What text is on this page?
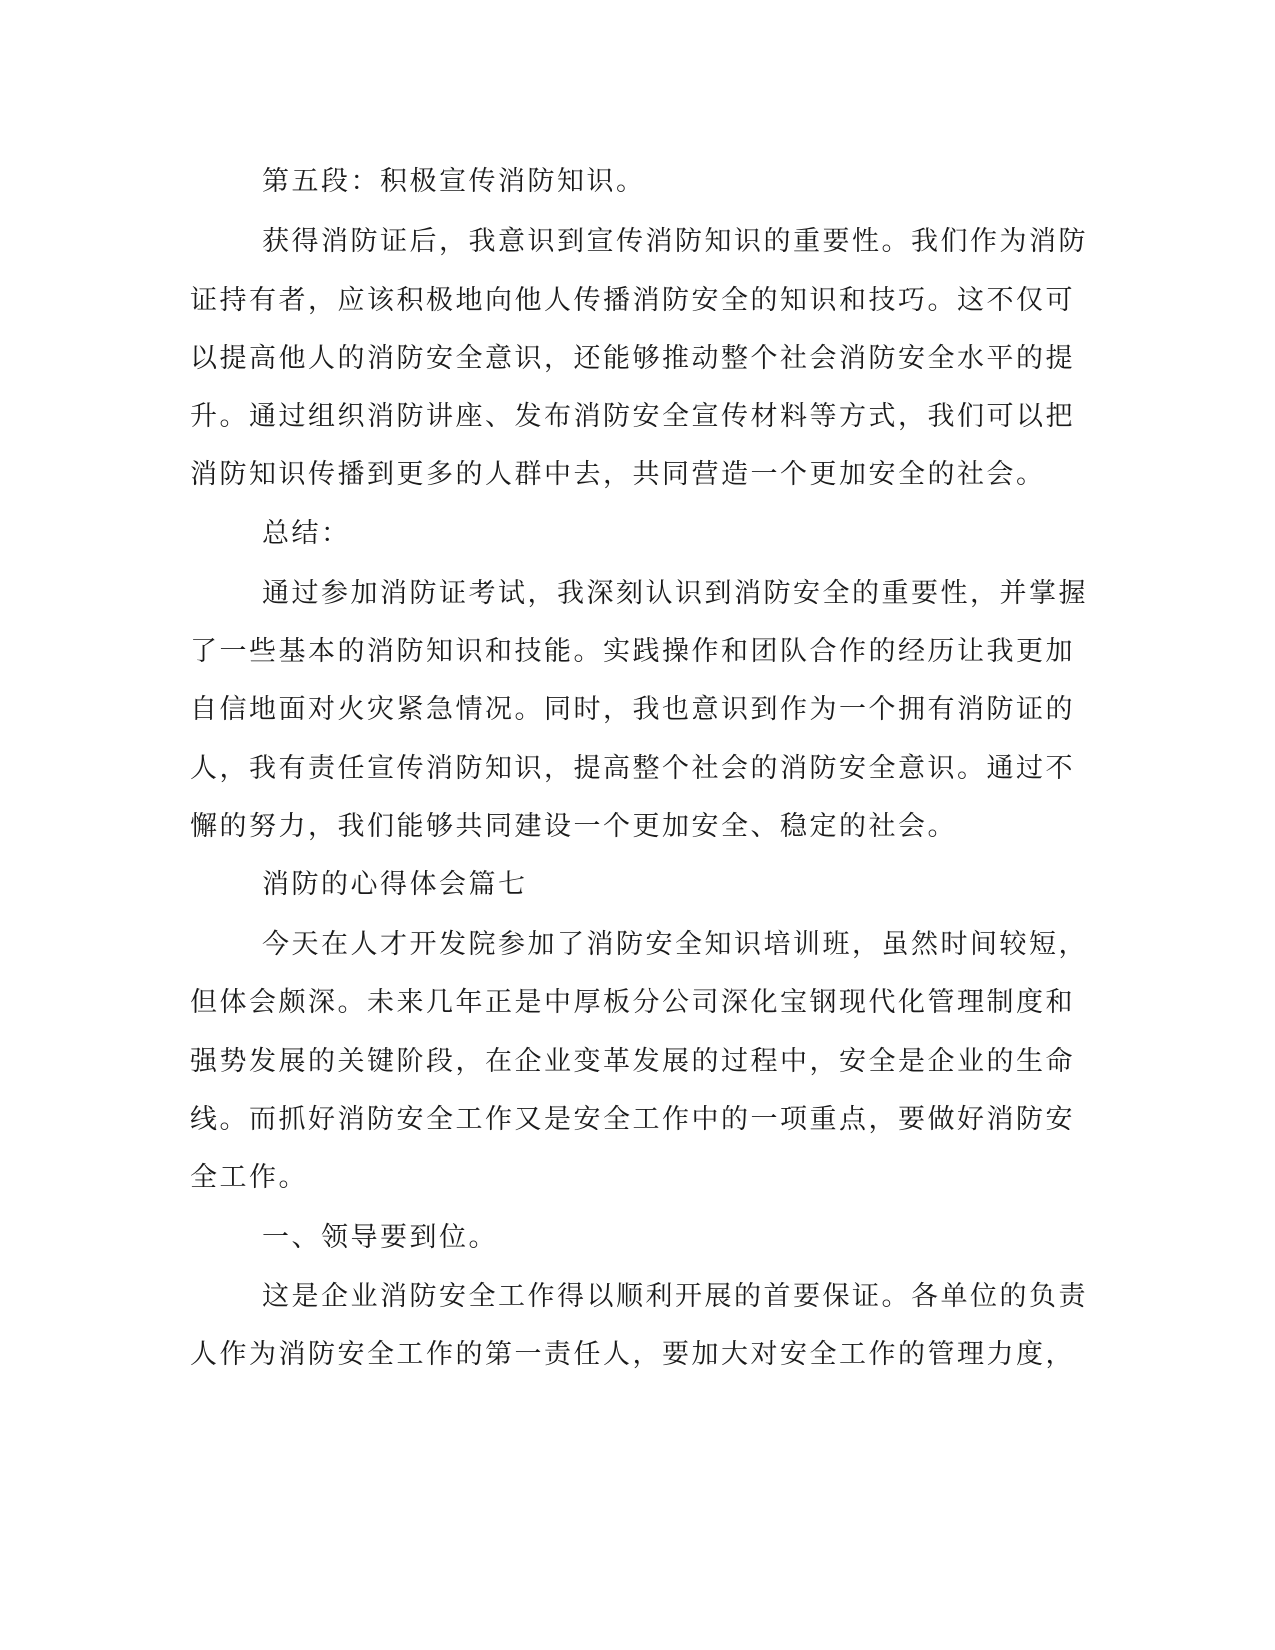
第五段：积极宣传消防知识。
获得消防证后，我意识到宣传消防知识的重要性。我们作为消防
证持有者，应该积极地向他人传播消防安全的知识和技巧。这不仅可
以提高他人的消防安全意识，还能够推动整个社会消防安全水平的提
升。通过组织消防讲座、发布消防安全宣传材料等方式，我们可以把
消防知识传播到更多的人群中去，共同营造一个更加安全的社会。
总结：
通过参加消防证考试，我深刻认识到消防安全的重要性，并掌握
了一些基本的消防知识和技能。实践操作和团队合作的经历让我更加
自信地面对火灾紧急情况。同时，我也意识到作为一个拥有消防证的
人，我有责任宣传消防知识，提高整个社会的消防安全意识。通过不
懈的努力，我们能够共同建设一个更加安全、稳定的社会。
消防的心得体会篇七
今天在人才开发院参加了消防安全知识培训班，虽然时间较短，
但体会颇深。未来几年正是中厚板分公司深化宝钢现代化管理制度和
强势发展的关键阶段，在企业变革发展的过程中，安全是企业的生命
线。而抓好消防安全工作又是安全工作中的一项重点，要做好消防安
全工作。
一、领导要到位。
这是企业消防安全工作得以顺利开展的首要保证。各单位的负责
人作为消防安全工作的第一责任人，要加大对安全工作的管理力度，
